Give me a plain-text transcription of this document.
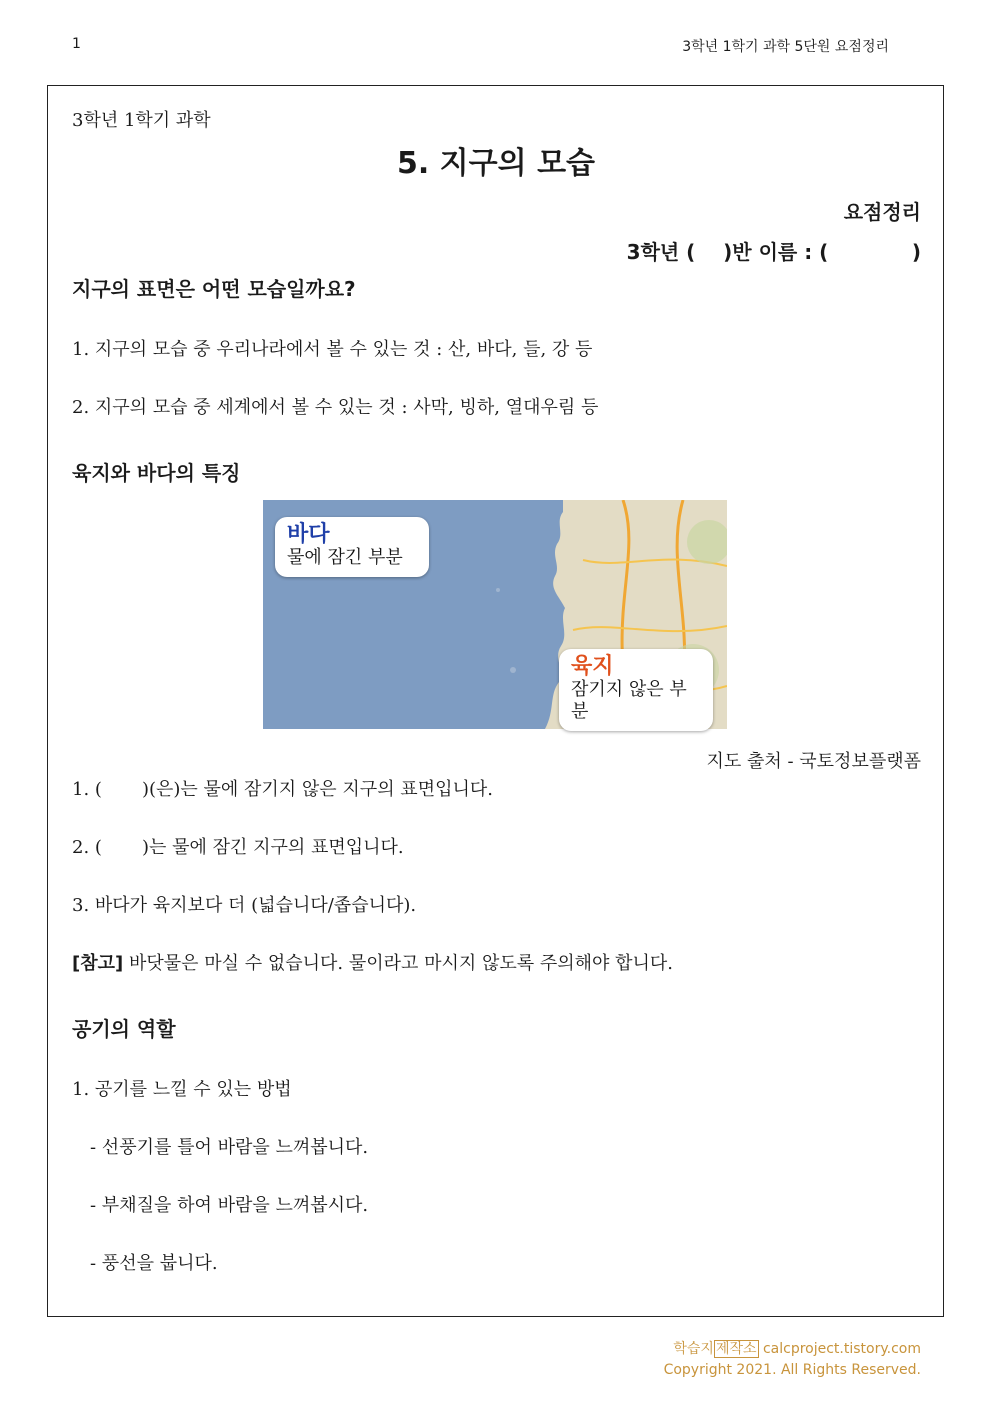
1	3학년 1학기 과학 5단원 요점정리
3학년 1학기 과학
5. 지구의 모습
요점정리
3학년 (    )반 이름 : (            )
지구의 표면은 어떤 모습일까요?
1. 지구의 모습 중 우리나라에서 볼 수 있는 것 : 산, 바다, 들, 강 등
2. 지구의 모습 중 세계에서 볼 수 있는 것 : 사막, 빙하, 열대우림 등
육지와 바다의 특징
바다
물에 잠긴 부분
육지
잠기지 않은 부분
지도 출처 - 국토정보플랫폼
1. (       )(은)는 물에 잠기지 않은 지구의 표면입니다.
2. (       )는 물에 잠긴 지구의 표면입니다.
3. 바다가 육지보다 더 (넓습니다/좁습니다).
[참고] 바닷물은 마실 수 없습니다. 물이라고 마시지 않도록 주의해야 합니다.
공기의 역할
1. 공기를 느낄 수 있는 방법
- 선풍기를 틀어 바람을 느껴봅니다.
- 부채질을 하여 바람을 느껴봅시다.
- 풍선을 붑니다.
학습지 제작소 calcproject.tistory.com
Copyright 2021. All Rights Reserved.
